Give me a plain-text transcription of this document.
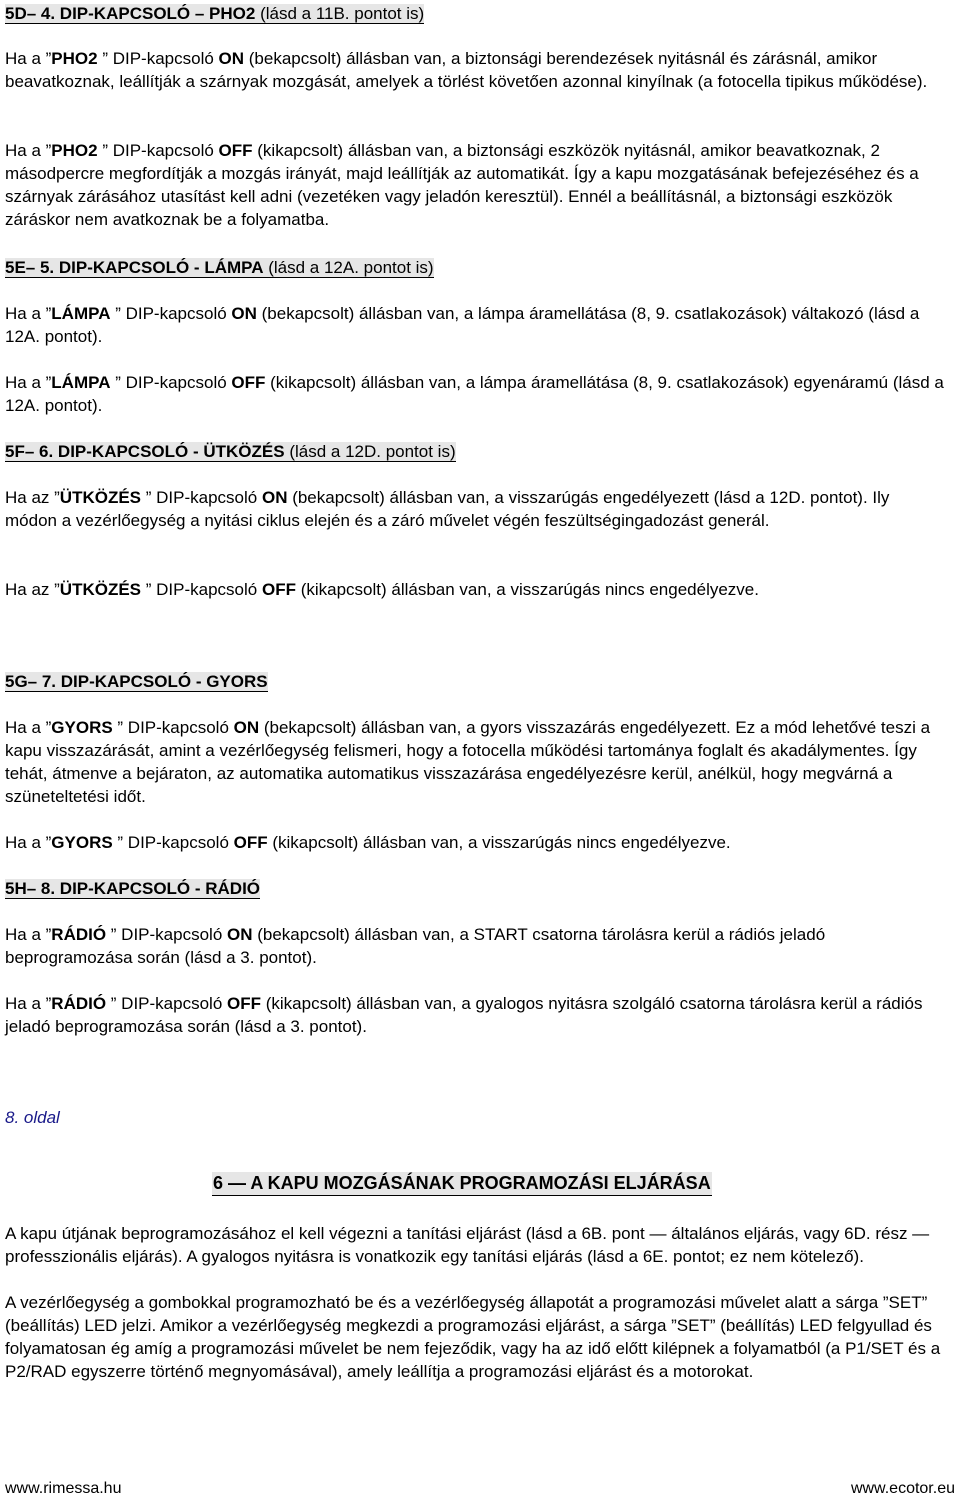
5D– 4. DIP-KAPCSOLÓ – PHO2 (lásd a 11B. pontot is)

Ha a ”PHO2 ” DIP-kapcsoló ON (bekapcsolt) állásban van, a biztonsági berendezések nyitásnál és zárásnál, amikor beavatkoznak, leállítják a szárnyak mozgását, amelyek a törlést követően azonnal kinyílnak (a fotocella tipikus működése).

Ha a ”PHO2 ” DIP-kapcsoló OFF (kikapcsolt) állásban van, a biztonsági eszközök nyitásnál, amikor beavatkoznak, 2 másodpercre megfordítják a mozgás irányát, majd leállítják az automatikát. Így a kapu mozgatásának befejezéséhez és a szárnyak zárásához utasítást kell adni (vezetéken vagy jeladón keresztül). Ennél a beállításnál, a biztonsági eszközök záráskor nem avatkoznak be a folyamatba.

5E– 5. DIP-KAPCSOLÓ - LÁMPA (lásd a 12A. pontot is)

Ha a ”LÁMPA ” DIP-kapcsoló ON (bekapcsolt) állásban van, a lámpa áramellátása (8, 9. csatlakozások) váltakozó (lásd a 12A. pontot).

Ha a ”LÁMPA ” DIP-kapcsoló OFF (kikapcsolt) állásban van, a lámpa áramellátása (8, 9. csatlakozások) egyenáramú (lásd a 12A. pontot).

5F– 6. DIP-KAPCSOLÓ - ÜTKÖZÉS (lásd a 12D. pontot is)

Ha az ”ÜTKÖZÉS ” DIP-kapcsoló ON (bekapcsolt) állásban van, a visszarúgás engedélyezett (lásd a 12D. pontot). Ily módon a vezérlőegység a nyitási ciklus elején és a záró művelet végén feszültségingadozást generál.

Ha az ”ÜTKÖZÉS ” DIP-kapcsoló OFF (kikapcsolt) állásban van, a visszarúgás nincs engedélyezve.

5G– 7. DIP-KAPCSOLÓ - GYORS

Ha a ”GYORS ” DIP-kapcsoló ON (bekapcsolt) állásban van, a gyors visszazárás engedélyezett. Ez a mód lehetővé teszi a kapu visszazárását, amint a vezérlőegység felismeri, hogy a fotocella működési tartománya foglalt és akadálymentes. Így tehát, átmenve a bejáraton, az automatika automatikus visszazárása engedélyezésre kerül, anélkül, hogy megvárná a szüneteltetési időt.

Ha a ”GYORS ” DIP-kapcsoló OFF (kikapcsolt) állásban van, a visszarúgás nincs engedélyezve.

5H– 8. DIP-KAPCSOLÓ - RÁDIÓ

Ha a ”RÁDIÓ ” DIP-kapcsoló ON (bekapcsolt) állásban van, a START csatorna tárolásra kerül a rádiós jeladó beprogramozása során (lásd a 3. pontot).

Ha a ”RÁDIÓ ” DIP-kapcsoló OFF (kikapcsolt) állásban van, a gyalogos nyitásra szolgáló csatorna tárolásra kerül a rádiós jeladó beprogramozása során (lásd a 3. pontot).

8. oldal
6 — A KAPU MOZGÁSÁNAK PROGRAMOZÁSI ELJÁRÁSA

A kapu útjának beprogramozásához el kell végezni a tanítási eljárást (lásd a 6B. pont — általános eljárás, vagy 6D. rész — professzionális eljárás). A gyalogos nyitásra is vonatkozik egy tanítási eljárás (lásd a 6E. pontot; ez nem kötelező).

A vezérlőegység a gombokkal programozható be és a vezérlőegység állapotát a programozási művelet alatt a sárga ”SET” (beállítás) LED jelzi. Amikor a vezérlőegység megkezdi a programozási eljárást, a sárga ”SET” (beállítás) LED felgyullad és folyamatosan ég amíg a programozási művelet be nem fejeződik, vagy ha az idő előtt kilépnek a folyamatból (a P1/SET és a P2/RAD egyszerre történő megnyomásával), amely leállítja a programozási eljárást és a motorokat.

www.rimessa.hu	www.ecotor.eu
